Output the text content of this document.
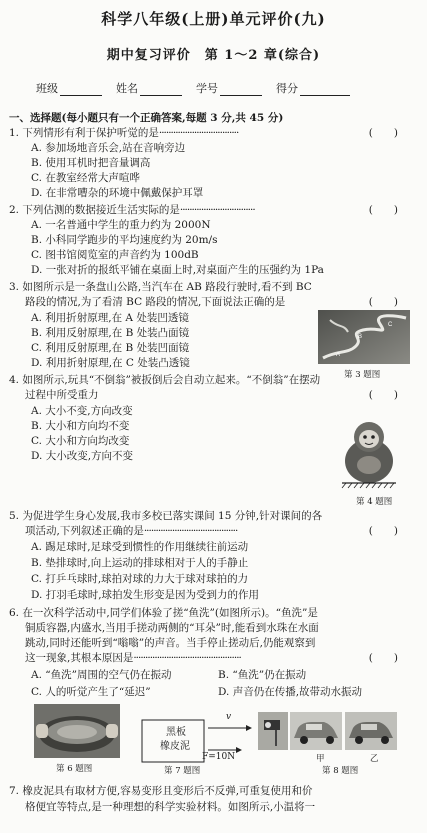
科学八年级(上册)单元评价(九)
期中复习评价　第 1～2 章(综合)
班级	姓名	学号	得分
一、选择题(每小题只有一个正确答案,每题 3 分,共 45 分)
1. 下列情形有利于保护听觉的是··································	(　　)
A. 参加场地音乐会,站在音响旁边
B. 使用耳机时把音量调高
C. 在教室经常大声喧哗
D. 在非常嘈杂的环境中佩戴保护耳罩
2. 下列估测的数据接近生活实际的是································	(　　)
A. 一名普通中学生的重力约为 2000N
B. 小科同学跑步的平均速度约为 20m/s
C. 图书馆阅览室的声音约为 100dB
D. 一张对折的报纸平铺在桌面上时,对桌面产生的压强约为 1Pa
3. 如图所示是一条盘山公路,当汽车在 AB 路段行驶时,看不到 BC
路段的情况,为了看清 BC 路段的情况,下面说法正确的是	(　　)
A. 利用折射原理,在 A 处装凹透镜
B. 利用反射原理,在 B 处装凸面镜
C. 利用反射原理,在 B 处装凹面镜
D. 利用折射原理,在 C 处装凸透镜
A
B
C
第 3 题图
4. 如图所示,玩具“不倒翁”被扳倒后会自动立起来。“不倒翁”在摆动
过程中所受重力	(　　)
A. 大小不变,方向改变
B. 大小和方向均不变
C. 大小和方向均改变
D. 大小改变,方向不变
第 4 题图
5. 为促进学生身心发展,我市多校已落实课间 15 分钟,针对课间的各
项活动,下列叙述正确的是········································	(　　)
A. 踢足球时,足球受到惯性的作用继续往前运动
B. 垫排球时,向上运动的排球相对于人的手静止
C. 打乒乓球时,球拍对球的力大于球对球拍的力
D. 打羽毛球时,球拍发生形变是因为受到力的作用
6. 在一次科学活动中,同学们体验了搓“鱼洗”(如图所示)。“鱼洗”是
铜质容器,内盛水,当用手搓动两侧的“耳朵”时,能看到水珠在水面
跳动,同时还能听到“嗡嗡”的声音。当手停止搓动后,仍能观察到
这一现象,其根本原因是··············································	(　　)
A. “鱼洗”周围的空气仍在振动	B. “鱼洗”仍在振动
C. 人的听觉产生了“延迟”	D. 声音仍在传播,故带动水振动
第 6 题图
黑板
橡皮泥
v
F=10N
第 7 题图
甲	乙
第 8 题图
7. 橡皮泥具有取材方便,容易变形且变形后不反弹,可重复使用和价
格便宜等特点,是一种理想的科学实验材料。如图所示,小温将一
